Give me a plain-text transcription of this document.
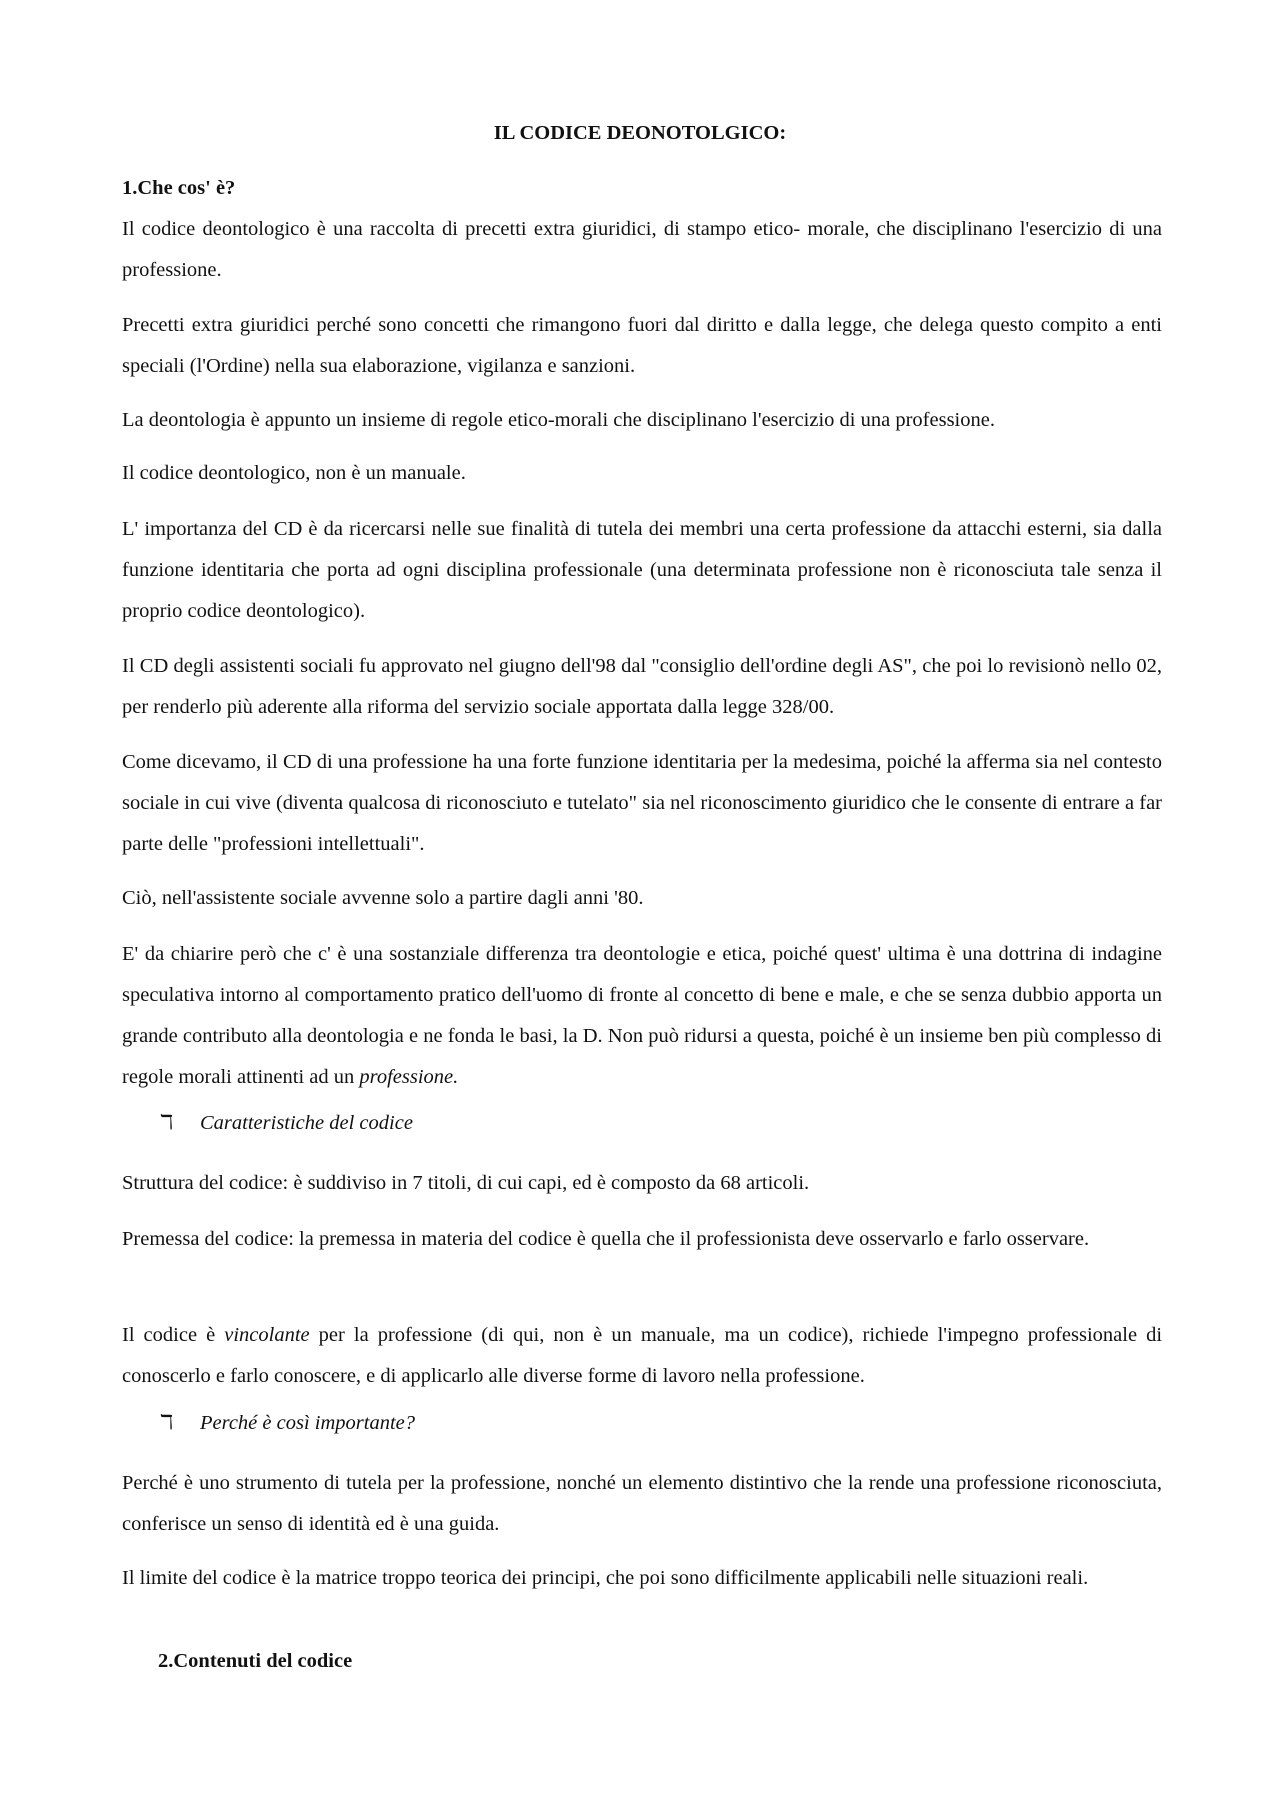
IL CODICE DEONOTOLGICO:
1.Che cos' è?

Il codice deontologico è una raccolta di precetti extra giuridici, di stampo etico- morale, che disciplinano l'esercizio di una professione.

Precetti extra giuridici perché sono concetti che rimangono fuori dal diritto e dalla legge, che delega questo compito a enti speciali (l'Ordine) nella sua elaborazione, vigilanza e sanzioni.

La deontologia è appunto un insieme di regole etico-morali che disciplinano l'esercizio di una professione.

Il codice deontologico, non è un manuale.

L' importanza del CD è da ricercarsi nelle sue finalità di tutela dei membri una certa professione da attacchi esterni, sia dalla funzione identitaria che porta ad ogni disciplina professionale (una determinata professione non è riconosciuta tale senza il proprio codice deontologico).

Il CD degli assistenti sociali fu approvato nel giugno dell'98 dal "consiglio dell'ordine degli AS", che poi lo revisionò nello 02, per renderlo più aderente alla riforma del servizio sociale apportata dalla legge 328/00.

Come dicevamo, il CD di una professione ha una forte funzione identitaria per la medesima, poiché la afferma sia nel contesto sociale in cui vive (diventa qualcosa di riconosciuto e tutelato" sia nel riconoscimento giuridico che le consente di entrare a far parte delle "professioni intellettuali".

Ciò, nell'assistente sociale avvenne solo a partire dagli anni '80.

E' da chiarire però che c' è una sostanziale differenza tra deontologie e etica, poiché quest' ultima è una dottrina di indagine speculativa intorno al comportamento pratico dell'uomo di fronte al concetto di bene e male, e che se senza dubbio apporta un grande contributo alla deontologia e ne fonda le basi, la D. Non può ridursi a questa, poiché è un insieme ben più complesso di regole morali attinenti ad un professione.

ℸ Caratteristiche del codice

Struttura del codice: è suddiviso in 7 titoli, di cui capi, ed è composto da 68 articoli.

Premessa del codice: la premessa in materia del codice è quella che il professionista deve osservarlo e farlo osservare.

Il codice è vincolante per la professione (di qui, non è un manuale, ma un codice), richiede l'impegno professionale di conoscerlo e farlo conoscere, e di applicarlo alle diverse forme di lavoro nella professione.

ℸ Perché è così importante?

Perché è uno strumento di tutela per la professione, nonché un elemento distintivo che la rende una professione riconosciuta, conferisce un senso di identità ed è una guida.

Il limite del codice è la matrice troppo teorica dei principi, che poi sono difficilmente applicabili nelle situazioni reali.

2.Contenuti del codice
